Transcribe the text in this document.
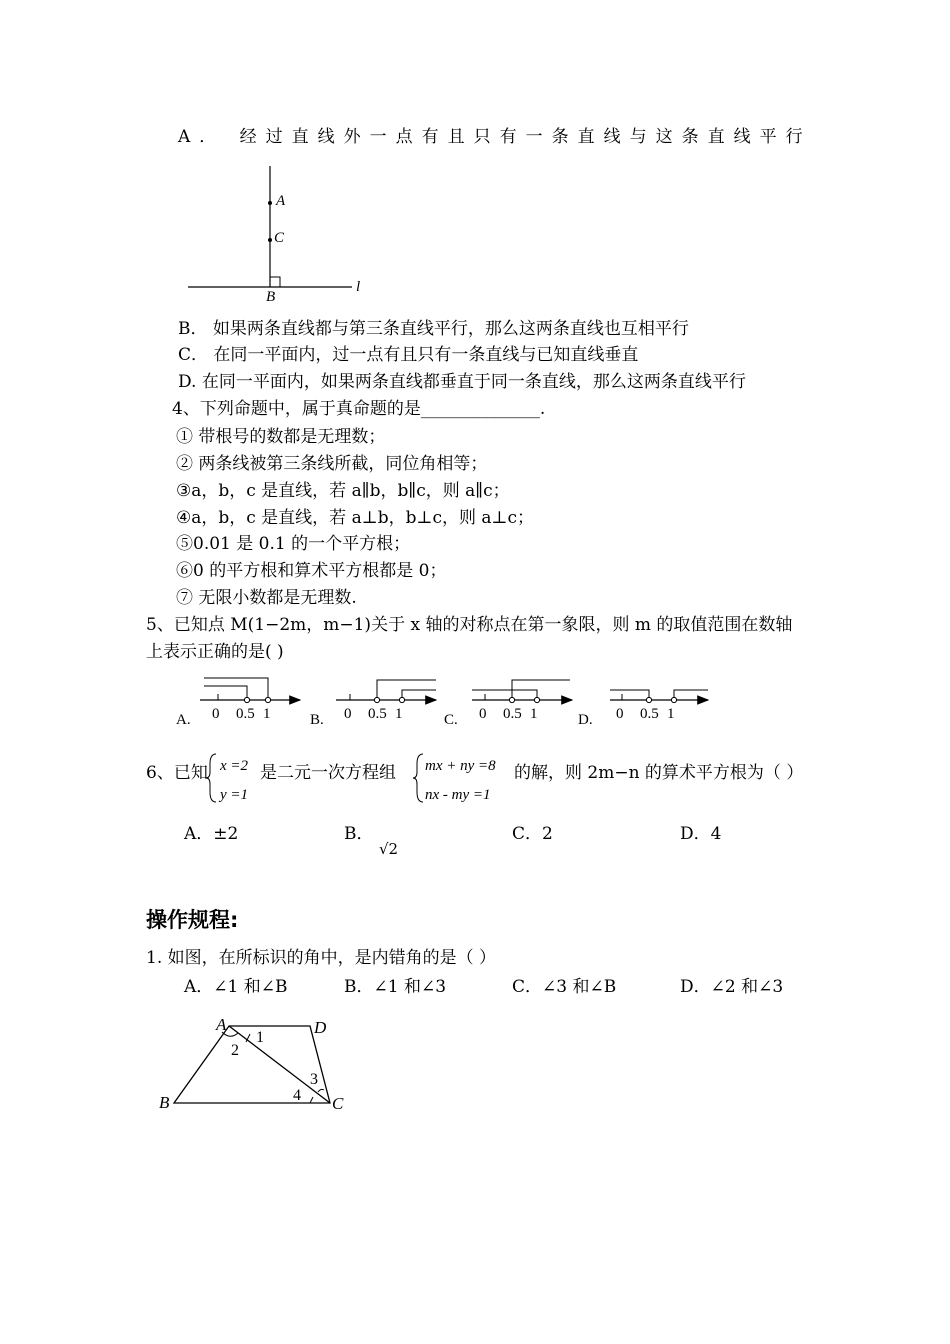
A． 经过直线外一点有且只有一条直线与这条直线平行
A
C
B
l
B． 如果两条直线都与第三条直线平行，那么这两条直线也互相平行
C． 在同一平面内，过一点有且只有一条直线与已知直线垂直
D. 在同一平面内，如果两条直线都垂直于同一条直线，那么这两条直线平行
4、下列命题中，属于真命题的是______________.
① 带根号的数都是无理数；
② 两条线被第三条线所截，同位角相等；
③a，b，c 是直线，若 a∥b，b∥c，则 a∥c；
④a，b，c 是直线，若 a⊥b，b⊥c，则 a⊥c；
⑤0.01 是 0.1 的一个平方根；
⑥0 的平方根和算术平方根都是 0；
⑦ 无限小数都是无理数.
5、已知点 M(1−2m，m−1)关于 x 轴的对称点在第一象限，则 m 的取值范围在数轴
上表示正确的是( )
A. 0 0.5 1	B. 0 0.5 1	C. 0 0.5 1	D. 0 0.5 1
6、已知 x =2
y =1
是二元一次方程组 mx + ny =8
nx - my =1
的解，则 2m−n 的算术平方根为（ ）
A．±2	B．
√2
C．2	D．4
操作规程:
1. 如图，在所标识的角中，是内错角的是（ ）
A．∠1 和∠B	B．∠1 和∠3	C．∠3 和∠B	D．∠2 和∠3
A	D
B	C
1
2
3
4
